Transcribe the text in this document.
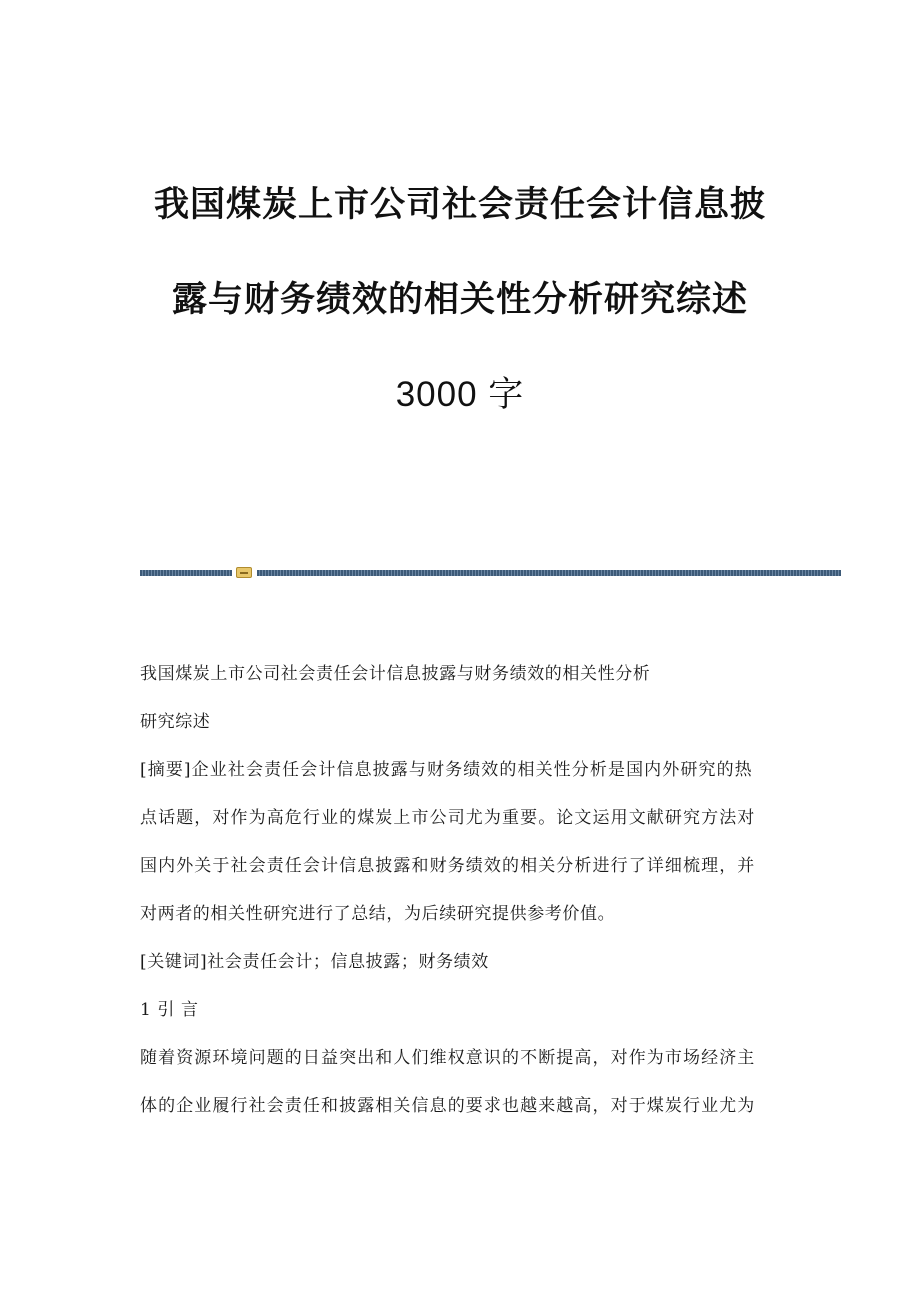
我国煤炭上市公司社会责任会计信息披
露与财务绩效的相关性分析研究综述
3000 字
我国煤炭上市公司社会责任会计信息披露与财务绩效的相关性分析
研究综述
[摘要]企业社会责任会计信息披露与财务绩效的相关性分析是国内外研究的热
点话题，对作为高危行业的煤炭上市公司尤为重要。论文运用文献研究方法对
国内外关于社会责任会计信息披露和财务绩效的相关分析进行了详细梳理，并
对两者的相关性研究进行了总结，为后续研究提供参考价值。
[关键词]社会责任会计；信息披露；财务绩效
1 引 言
随着资源环境问题的日益突出和人们维权意识的不断提高，对作为市场经济主
体的企业履行社会责任和披露相关信息的要求也越来越高，对于煤炭行业尤为
